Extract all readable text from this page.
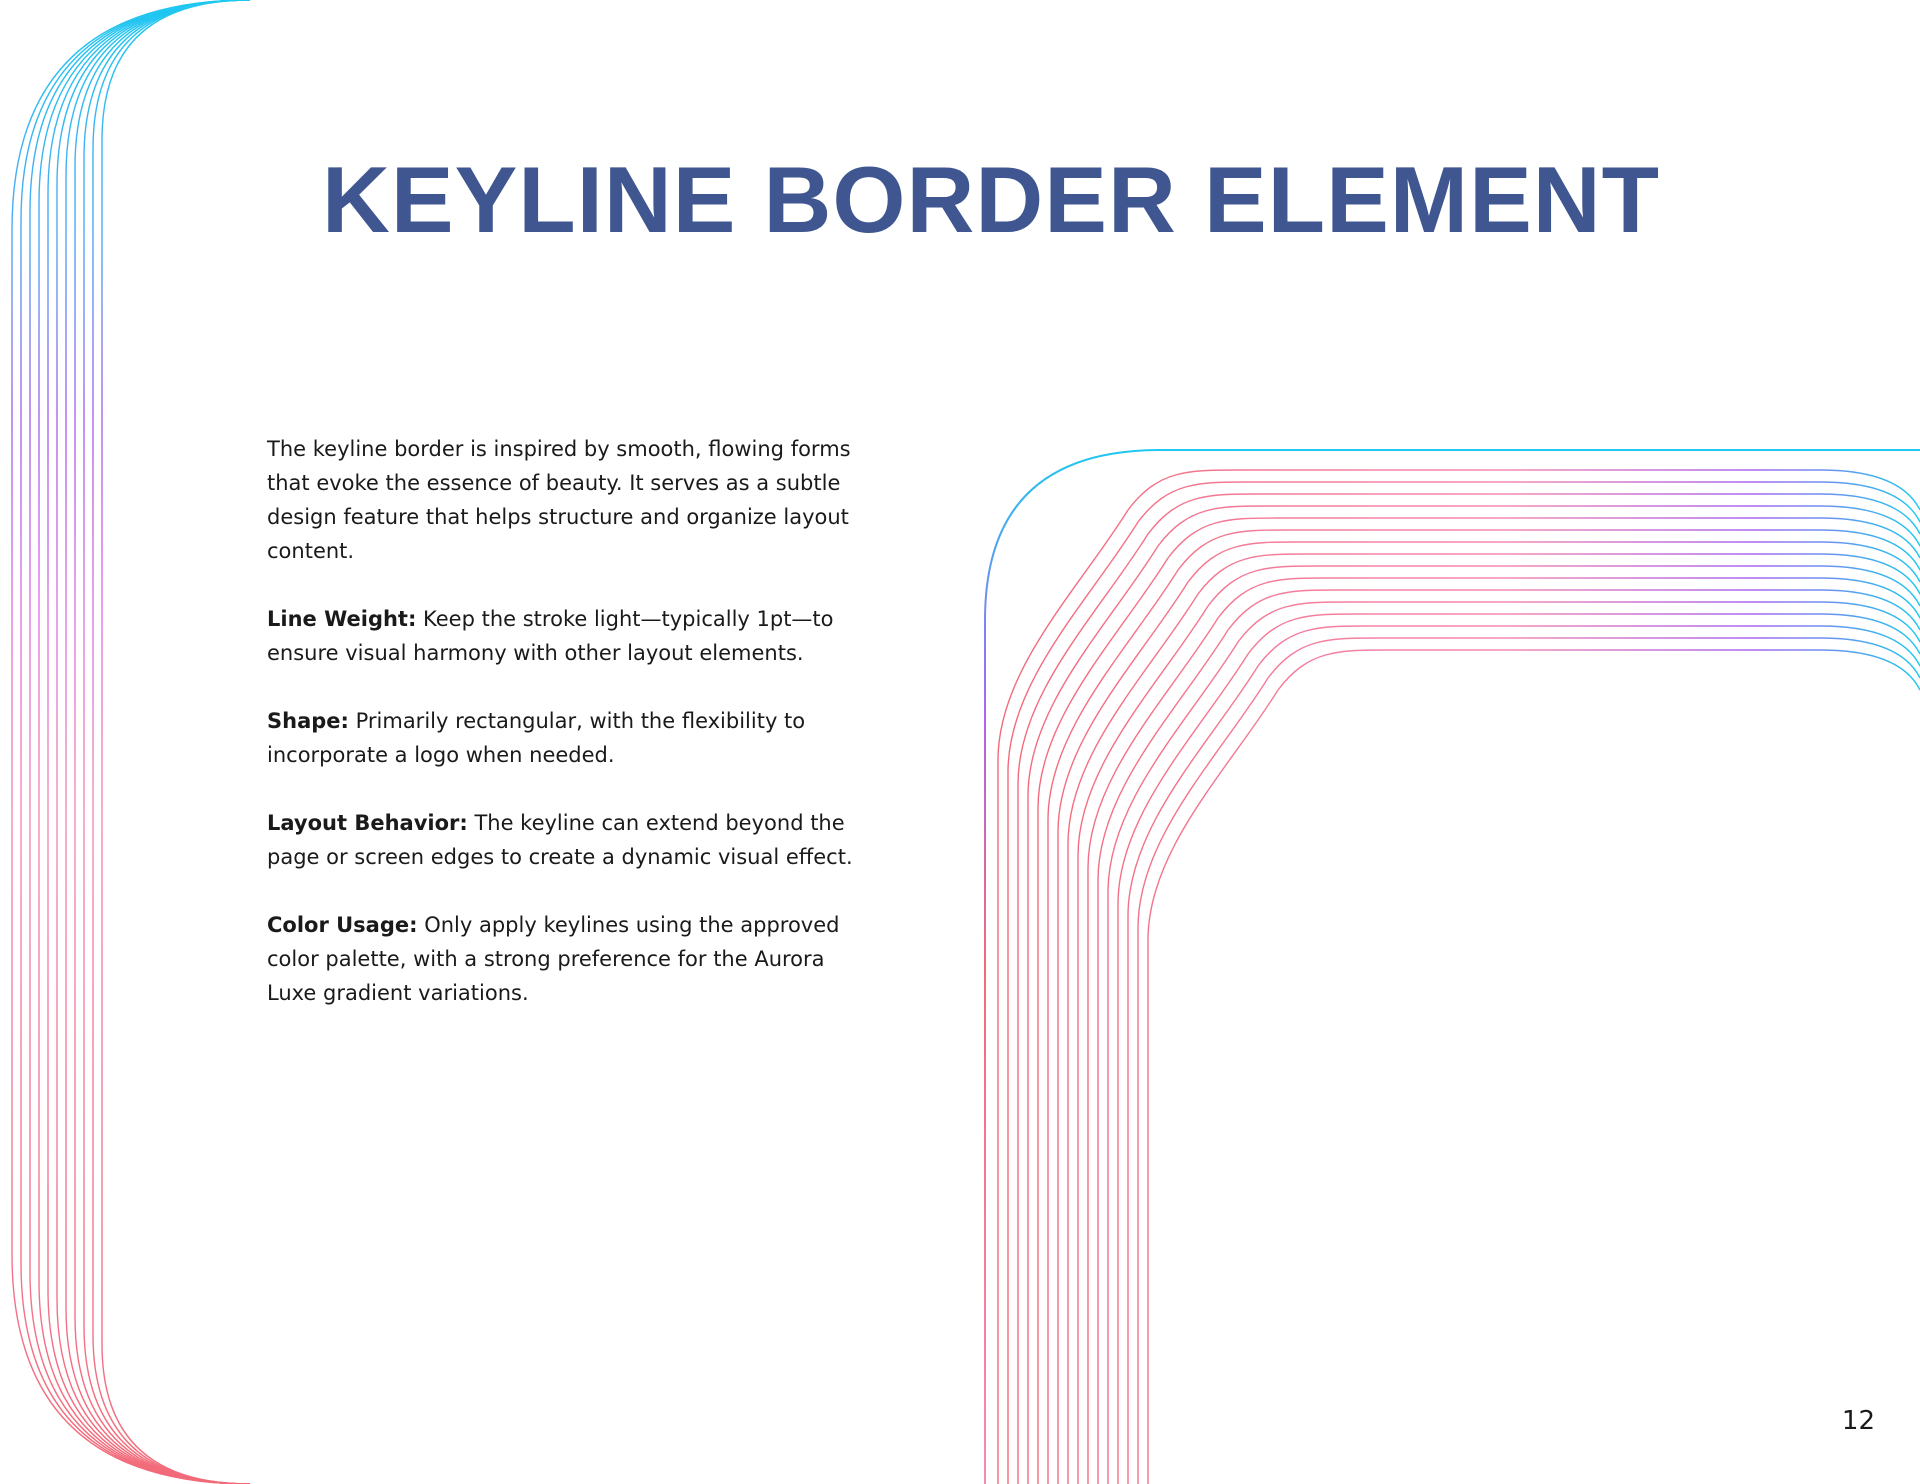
KEYLINE BORDER ELEMENT

The keyline border is inspired by smooth, flowing forms that evoke the essence of beauty. It serves as a subtle design feature that helps structure and organize layout content.

Line Weight: Keep the stroke light—typically 1pt—to ensure visual harmony with other layout elements.

Shape: Primarily rectangular, with the flexibility to incorporate a logo when needed.

Layout Behavior: The keyline can extend beyond the page or screen edges to create a dynamic visual effect.

Color Usage: Only apply keylines using the approved color palette, with a strong preference for the Aurora Luxe gradient variations.

12
